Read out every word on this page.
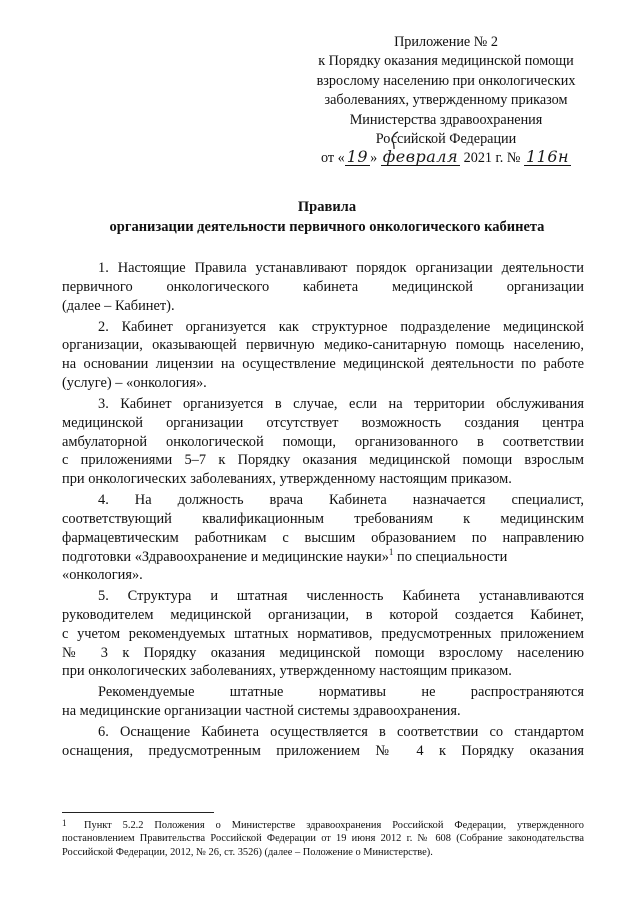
Приложение № 2
к Порядку оказания медицинской помощи
взрослому населению при онкологических
заболеваниях, утвержденному приказом
Министерства здравоохранения
Российской Федерации
от « 19 » февраля 2021 г. № 116н
Правила
организации деятельности первичного онкологического кабинета
1. Настоящие Правила устанавливают порядок организации деятельности
первичного онкологического кабинета медицинской организации
(далее – Кабинет).
2. Кабинет организуется как структурное подразделение медицинской
организации, оказывающей первичную медико-санитарную помощь населению,
на основании лицензии на осуществление медицинской деятельности по работе
(услуге) – «онкология».
3. Кабинет организуется в случае, если на территории обслуживания
медицинской организации отсутствует возможность создания центра
амбулаторной онкологической помощи, организованного в соответствии
с приложениями 5–7 к Порядку оказания медицинской помощи взрослым
при онкологических заболеваниях, утвержденному настоящим приказом.
4. На должность врача Кабинета назначается специалист,
соответствующий квалификационным требованиям к медицинским
фармацевтическим работникам с высшим образованием по направлению
подготовки «Здравоохранение и медицинские науки»$^1$ по специальности
«онкология».
5. Структура и штатная численность Кабинета устанавливаются
руководителем медицинской организации, в которой создается Кабинет,
с учетом рекомендуемых штатных нормативов, предусмотренных приложением
№ 3 к Порядку оказания медицинской помощи взрослому населению
при онкологических заболеваниях, утвержденному настоящим приказом.
Рекомендуемые штатные нормативы не распространяются
на медицинские организации частной системы здравоохранения.
6. Оснащение Кабинета осуществляется в соответствии со стандартом
оснащения, предусмотренным приложением № 4 к Порядку оказания
1 Пункт 5.2.2 Положения о Министерстве здравоохранения Российской Федерации, утвержденного
постановлением Правительства Российской Федерации от 19 июня 2012 г. № 608 (Собрание законодательства
Российской Федерации, 2012, № 26, ст. 3526) (далее – Положение о Министерстве).
